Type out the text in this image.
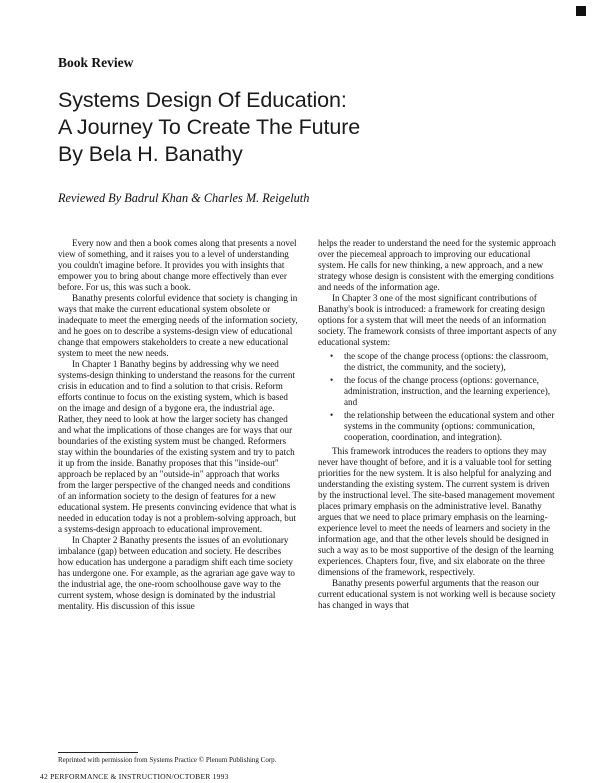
Book Review
Systems Design Of Education:
A Journey To Create The Future
By Bela H. Banathy

Reviewed By Badrul Khan & Charles M. Reigeluth

Every now and then a book comes along that presents a novel view of something, and it raises you to a level of understanding you couldn't imagine before. It provides you with insights that empower you to bring about change more effectively than ever before. For us, this was such a book.

Banathy presents colorful evidence that society is changing in ways that make the current educational system obsolete or inadequate to meet the emerging needs of the information society, and he goes on to describe a systems-design view of educational change that empowers stakeholders to create a new educational system to meet the new needs.

In Chapter 1 Banathy begins by addressing why we need systems-design thinking to understand the reasons for the current crisis in education and to find a solution to that crisis. Reform efforts continue to focus on the existing system, which is based on the image and design of a bygone era, the industrial age. Rather, they need to look at how the larger society has changed and what the implications of those changes are for ways that our boundaries of the existing system must be changed. Reformers stay within the boundaries of the existing system and try to patch it up from the inside. Banathy proposes that this "inside-out" approach be replaced by an "outside-in" approach that works from the larger perspective of the changed needs and conditions of an information society to the design of features for a new educational system. He presents convincing evidence that what is needed in education today is not a problem-solving approach, but a systems-design approach to educational improvement.

In Chapter 2 Banathy presents the issues of an evolutionary imbalance (gap) between education and society. He describes how education has undergone a paradigm shift each time society has undergone one. For example, as the agrarian age gave way to the industrial age, the one-room schoolhouse gave way to the current system, whose design is dominated by the industrial mentality. His discussion of this issue

helps the reader to understand the need for the systemic approach over the piecemeal approach to improving our educational system. He calls for new thinking, a new approach, and a new strategy whose design is consistent with the emerging conditions and needs of the information age.

In Chapter 3 one of the most significant contributions of Banathy's book is introduced: a framework for creating design options for a system that will meet the needs of an information society. The framework consists of three important aspects of any educational system:

• the scope of the change process (options: the classroom, the district, the community, and the society),
• the focus of the change process (options: governance, administration, instruction, and the learning experience), and
• the relationship between the educational system and other systems in the community (options: communication, cooperation, coordination, and integration).

This framework introduces the readers to options they may never have thought of before, and it is a valuable tool for setting priorities for the new system. It is also helpful for analyzing and understanding the existing system. The current system is driven by the instructional level. The site-based management movement places primary emphasis on the administrative level. Banathy argues that we need to place primary emphasis on the learning-experience level to meet the needs of learners and society in the information age, and that the other levels should be designed in such a way as to be most supportive of the design of the learning experiences. Chapters four, five, and six elaborate on the three dimensions of the framework, respectively.

Banathy presents powerful arguments that the reason our current educational system is not working well is because society has changed in ways that

Reprinted with permission from Systems Practice © Plenum Publishing Corp.

42 PERFORMANCE & INSTRUCTION/OCTOBER 1993
